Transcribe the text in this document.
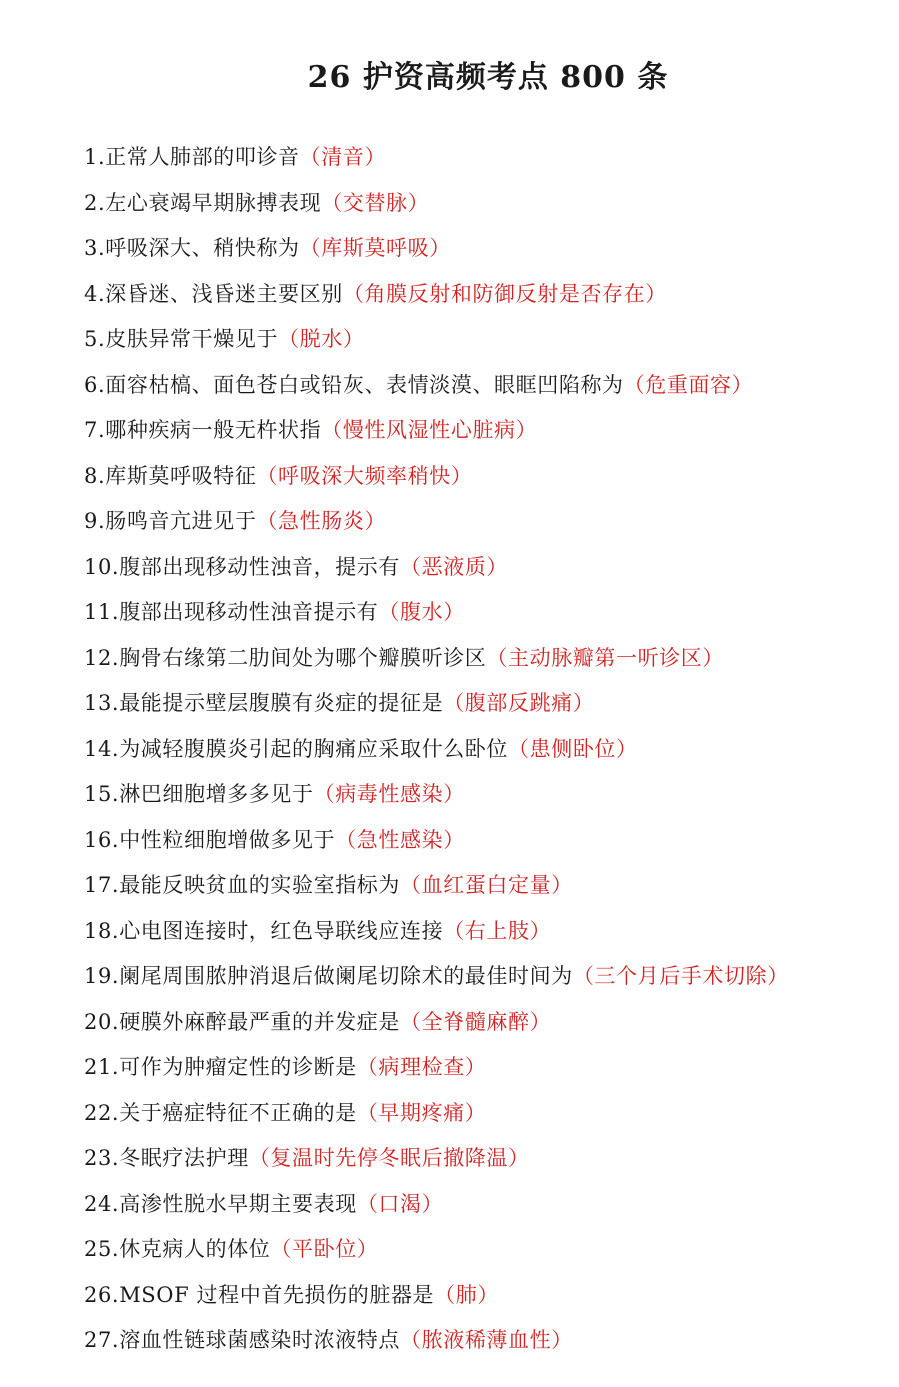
26 护资高频考点 800 条
1.正常人肺部的叩诊音（清音）
2.左心衰竭早期脉搏表现（交替脉）
3.呼吸深大、稍快称为（库斯莫呼吸）
4.深昏迷、浅昏迷主要区别（角膜反射和防御反射是否存在）
5.皮肤异常干燥见于（脱水）
6.面容枯槁、面色苍白或铅灰、表情淡漠、眼眶凹陷称为（危重面容）
7.哪种疾病一般无杵状指（慢性风湿性心脏病）
8.库斯莫呼吸特征（呼吸深大频率稍快）
9.肠鸣音亢进见于（急性肠炎）
10.腹部出现移动性浊音，提示有（恶液质）
11.腹部出现移动性浊音提示有（腹水）
12.胸骨右缘第二肋间处为哪个瓣膜听诊区（主动脉瓣第一听诊区）
13.最能提示壁层腹膜有炎症的提征是（腹部反跳痛）
14.为减轻腹膜炎引起的胸痛应采取什么卧位（患侧卧位）
15.淋巴细胞增多多见于（病毒性感染）
16.中性粒细胞增做多见于（急性感染）
17.最能反映贫血的实验室指标为（血红蛋白定量）
18.心电图连接时，红色导联线应连接（右上肢）
19.阑尾周围脓肿消退后做阑尾切除术的最佳时间为（三个月后手术切除）
20.硬膜外麻醉最严重的并发症是（全脊髓麻醉）
21.可作为肿瘤定性的诊断是（病理检查）
22.关于癌症特征不正确的是（早期疼痛）
23.冬眠疗法护理（复温时先停冬眠后撤降温）
24.高渗性脱水早期主要表现（口渴）
25.休克病人的体位（平卧位）
26.MSOF 过程中首先损伤的脏器是（肺）
27.溶血性链球菌感染时浓液特点（脓液稀薄血性）
